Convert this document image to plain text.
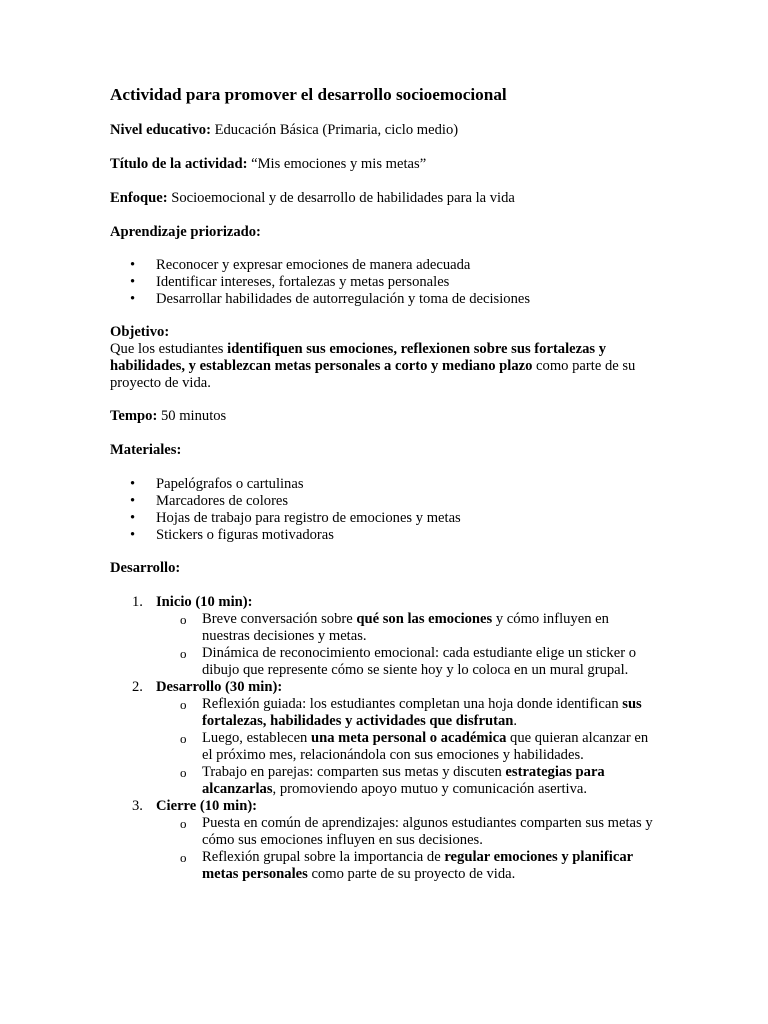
Actividad para promover el desarrollo socioemocional
Nivel educativo: Educación Básica (Primaria, ciclo medio)
Título de la actividad: “Mis emociones y mis metas”
Enfoque: Socioemocional y de desarrollo de habilidades para la vida
Aprendizaje priorizado:
• Reconocer y expresar emociones de manera adecuada
• Identificar intereses, fortalezas y metas personales
• Desarrollar habilidades de autorregulación y toma de decisiones
Objetivo:
Que los estudiantes identifiquen sus emociones, reflexionen sobre sus fortalezas y habilidades, y establezcan metas personales a corto y mediano plazo como parte de su proyecto de vida.
Tempo: 50 minutos
Materiales:
• Papelógrafos o cartulinas
• Marcadores de colores
• Hojas de trabajo para registro de emociones y metas
• Stickers o figuras motivadoras
Desarrollo:
1. Inicio (10 min):
o Breve conversación sobre qué son las emociones y cómo influyen en nuestras decisiones y metas.
o Dinámica de reconocimiento emocional: cada estudiante elige un sticker o dibujo que represente cómo se siente hoy y lo coloca en un mural grupal.
2. Desarrollo (30 min):
o Reflexión guiada: los estudiantes completan una hoja donde identifican sus fortalezas, habilidades y actividades que disfrutan.
o Luego, establecen una meta personal o académica que quieran alcanzar en el próximo mes, relacionándola con sus emociones y habilidades.
o Trabajo en parejas: comparten sus metas y discuten estrategias para alcanzarlas, promoviendo apoyo mutuo y comunicación asertiva.
3. Cierre (10 min):
o Puesta en común de aprendizajes: algunos estudiantes comparten sus metas y cómo sus emociones influyen en sus decisiones.
o Reflexión grupal sobre la importancia de regular emociones y planificar metas personales como parte de su proyecto de vida.
